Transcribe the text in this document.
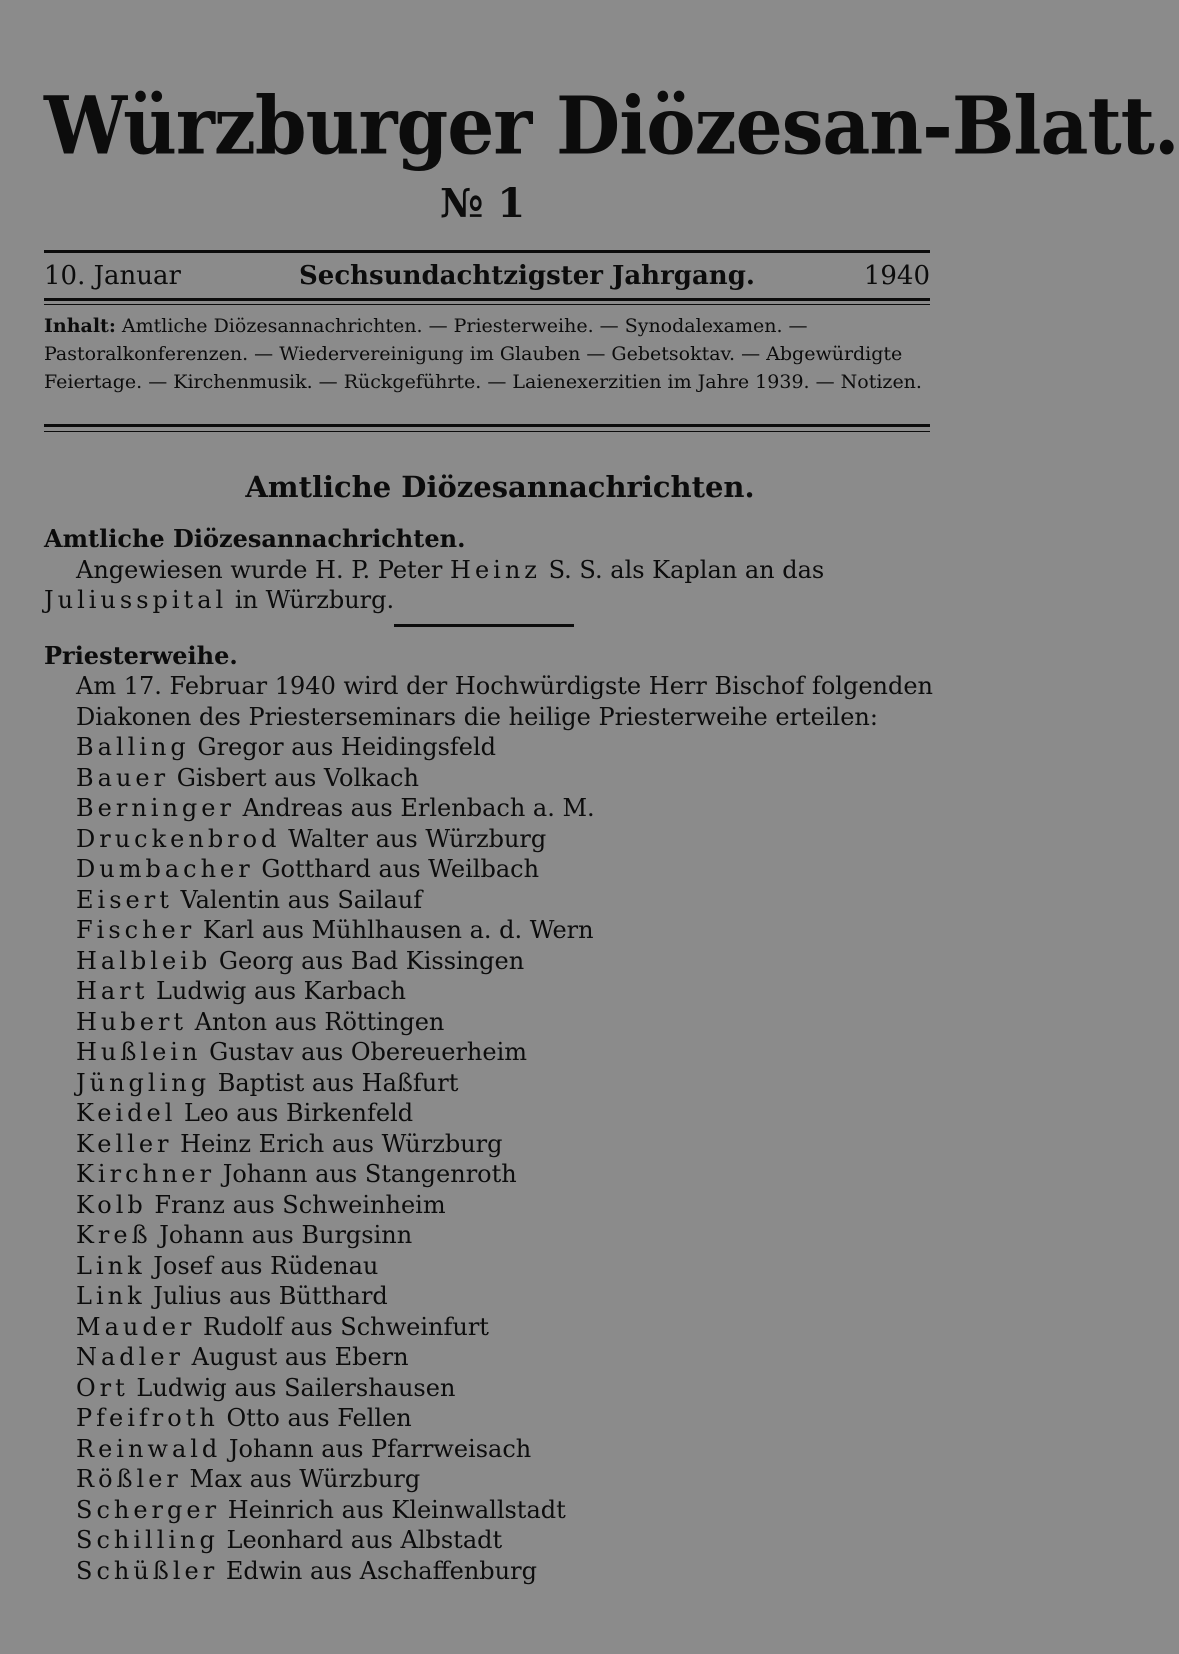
Würzburger Diözesan-Blatt.
№ 1
10. Januar	Sechsundachtzigster Jahrgang.	1940
Inhalt: Amtliche Diözesannachrichten. — Priesterweihe. — Synodalexamen. — Pastoralkonferenzen. — Wiedervereinigung im Glauben — Gebetsoktav. — Abgewürdigte Feiertage. — Kirchenmusik. — Rückgeführte. — Laienexerzitien im Jahre 1939. — Notizen.
Amtliche Diözesannachrichten.
Amtliche Diözesannachrichten.
Angewiesen wurde H. P. Peter Heinz S. S. als Kaplan an das
Juliusspital in Würzburg.
Priesterweihe.
Am 17. Februar 1940 wird der Hochwürdigste Herr Bischof folgenden Diakonen des Priesterseminars die heilige Priesterweihe erteilen:
Balling Gregor aus Heidingsfeld
Bauer Gisbert aus Volkach
Berninger Andreas aus Erlenbach a. M.
Druckenbrod Walter aus Würzburg
Dumbacher Gotthard aus Weilbach
Eisert Valentin aus Sailauf
Fischer Karl aus Mühlhausen a. d. Wern
Halbleib Georg aus Bad Kissingen
Hart Ludwig aus Karbach
Hubert Anton aus Röttingen
Hußlein Gustav aus Obereuerheim
Jüngling Baptist aus Haßfurt
Keidel Leo aus Birkenfeld
Keller Heinz Erich aus Würzburg
Kirchner Johann aus Stangenroth
Kolb Franz aus Schweinheim
Kreß Johann aus Burgsinn
Link Josef aus Rüdenau
Link Julius aus Bütthard
Mauder Rudolf aus Schweinfurt
Nadler August aus Ebern
Ort Ludwig aus Sailershausen
Pfeifroth Otto aus Fellen
Reinwald Johann aus Pfarrweisach
Rößler Max aus Würzburg
Scherger Heinrich aus Kleinwallstadt
Schilling Leonhard aus Albstadt
Schüßler Edwin aus Aschaffenburg
